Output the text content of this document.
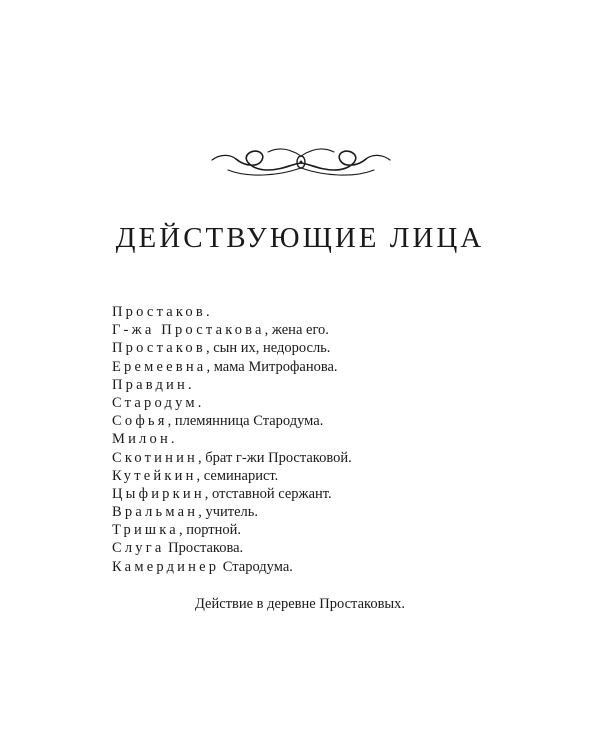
ДЕЙСТВУЮЩИЕ ЛИЦА
Простаков.
Г-жа Простакова, жена его.
Простаков, сын их, недоросль.
Еремеевна, мама Митрофанова.
Правдин.
Стародум.
Софья, племянница Стародума.
Милон.
Скотинин, брат г-жи Простаковой.
Кутейкин, семинарист.
Цыфиркин, отставной сержант.
Вральман, учитель.
Тришка, портной.
Слуга Простакова.
Камердинер Стародума.
Действие в деревне Простаковых.
